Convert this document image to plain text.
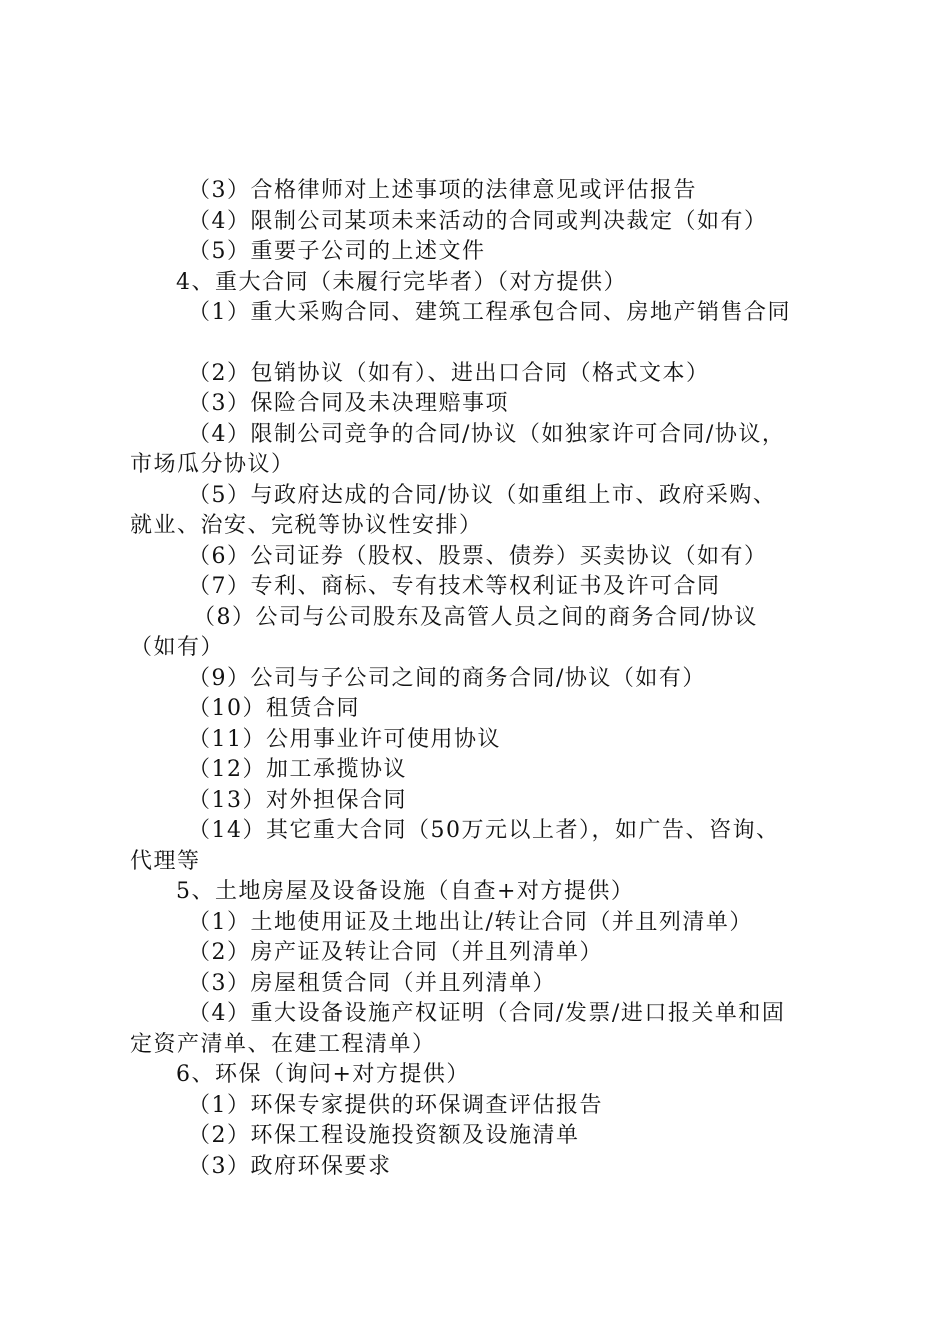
（3）合格律师对上述事项的法律意见或评估报告
（4）限制公司某项未来活动的合同或判决裁定（如有）
（5）重要子公司的上述文件
4、重大合同（未履行完毕者）（对方提供）
（1）重大采购合同、建筑工程承包合同、房地产销售合同
（2）包销协议（如有）、进出口合同（格式文本）
（3）保险合同及未决理赔事项
（4）限制公司竞争的合同/协议（如独家许可合同/协议，
市场瓜分协议）
（5）与政府达成的合同/协议（如重组上市、政府采购、
就业、治安、完税等协议性安排）
（6）公司证券（股权、股票、债券）买卖协议（如有）
（7）专利、商标、专有技术等权利证书及许可合同
（8）公司与公司股东及高管人员之间的商务合同/协议
（如有）
（9）公司与子公司之间的商务合同/协议（如有）
（10）租赁合同
（11）公用事业许可使用协议
（12）加工承揽协议
（13）对外担保合同
（14）其它重大合同（50万元以上者），如广告、咨询、
代理等
5、土地房屋及设备设施（自查+对方提供）
（1）土地使用证及土地出让/转让合同（并且列清单）
（2）房产证及转让合同（并且列清单）
（3）房屋租赁合同（并且列清单）
（4）重大设备设施产权证明（合同/发票/进口报关单和固
定资产清单、在建工程清单）
6、环保（询问+对方提供）
（1）环保专家提供的环保调查评估报告
（2）环保工程设施投资额及设施清单
（3）政府环保要求
